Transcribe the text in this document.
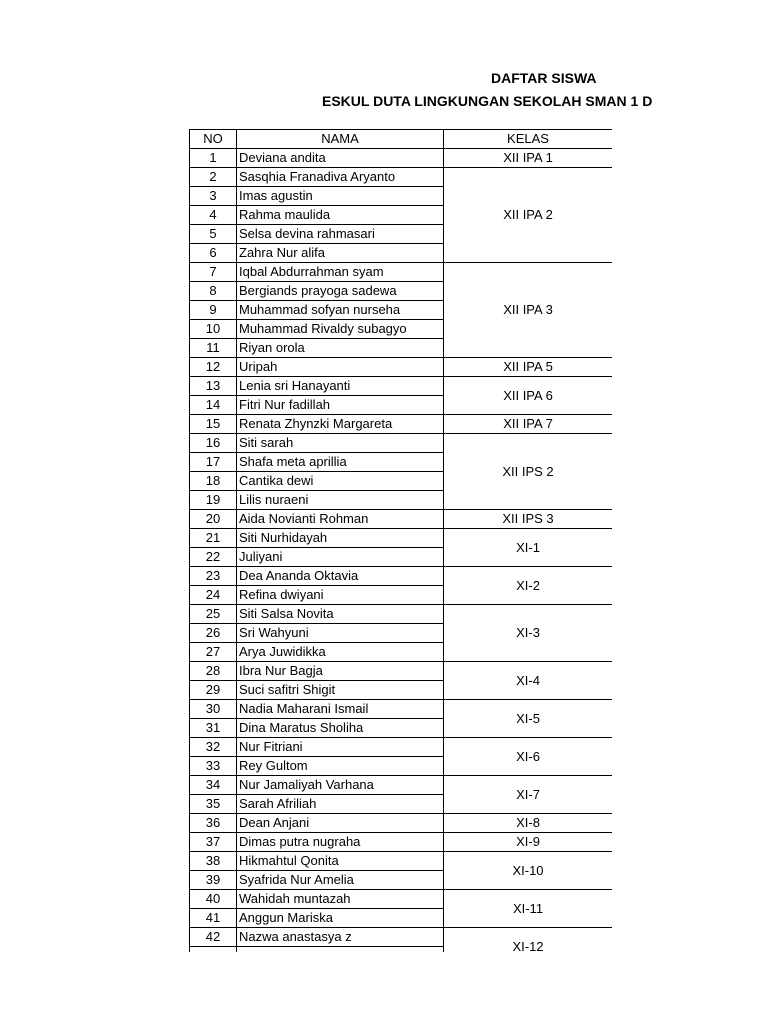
DAFTAR SISWA
ESKUL DUTA LINGKUNGAN SEKOLAH SMAN 1 D
NO	NAMA	KELAS
1	Deviana andita	XII IPA 1
2	Sasqhia Franadiva Aryanto	XII IPA 2
3	Imas agustin	
4	Rahma maulida	
5	Selsa devina rahmasari	
6	Zahra Nur alifa	
7	Iqbal Abdurrahman syam	XII IPA 3
8	Bergiands prayoga sadewa	
9	Muhammad sofyan nurseha	
10	Muhammad Rivaldy subagyo	
11	Riyan orola	
12	Uripah	XII IPA 5
13	Lenia sri Hanayanti	XII IPA 6
14	Fitri Nur fadillah	
15	Renata Zhynzki Margareta	XII IPA 7
16	Siti sarah	XII IPS 2
17	Shafa meta aprillia	
18	Cantika dewi	
19	Lilis nuraeni	
20	Aida Novianti Rohman	XII IPS 3
21	Siti Nurhidayah	XI-1
22	Juliyani	
23	Dea Ananda Oktavia	XI-2
24	Refina dwiyani	
25	Siti Salsa Novita	XI-3
26	Sri Wahyuni	
27	Arya Juwidikka	
28	Ibra Nur Bagja	XI-4
29	Suci safitri Shigit	
30	Nadia Maharani Ismail	XI-5
31	Dina Maratus Sholiha	
32	Nur Fitriani	XI-6
33	Rey Gultom	
34	Nur Jamaliyah Varhana	XI-7
35	Sarah Afriliah	
36	Dean Anjani	XI-8
37	Dimas putra nugraha	XI-9
38	Hikmahtul Qonita	XI-10
39	Syafrida Nur Amelia	
40	Wahidah muntazah	XI-11
41	Anggun Mariska	
42	Nazwa anastasya z	XI-12
